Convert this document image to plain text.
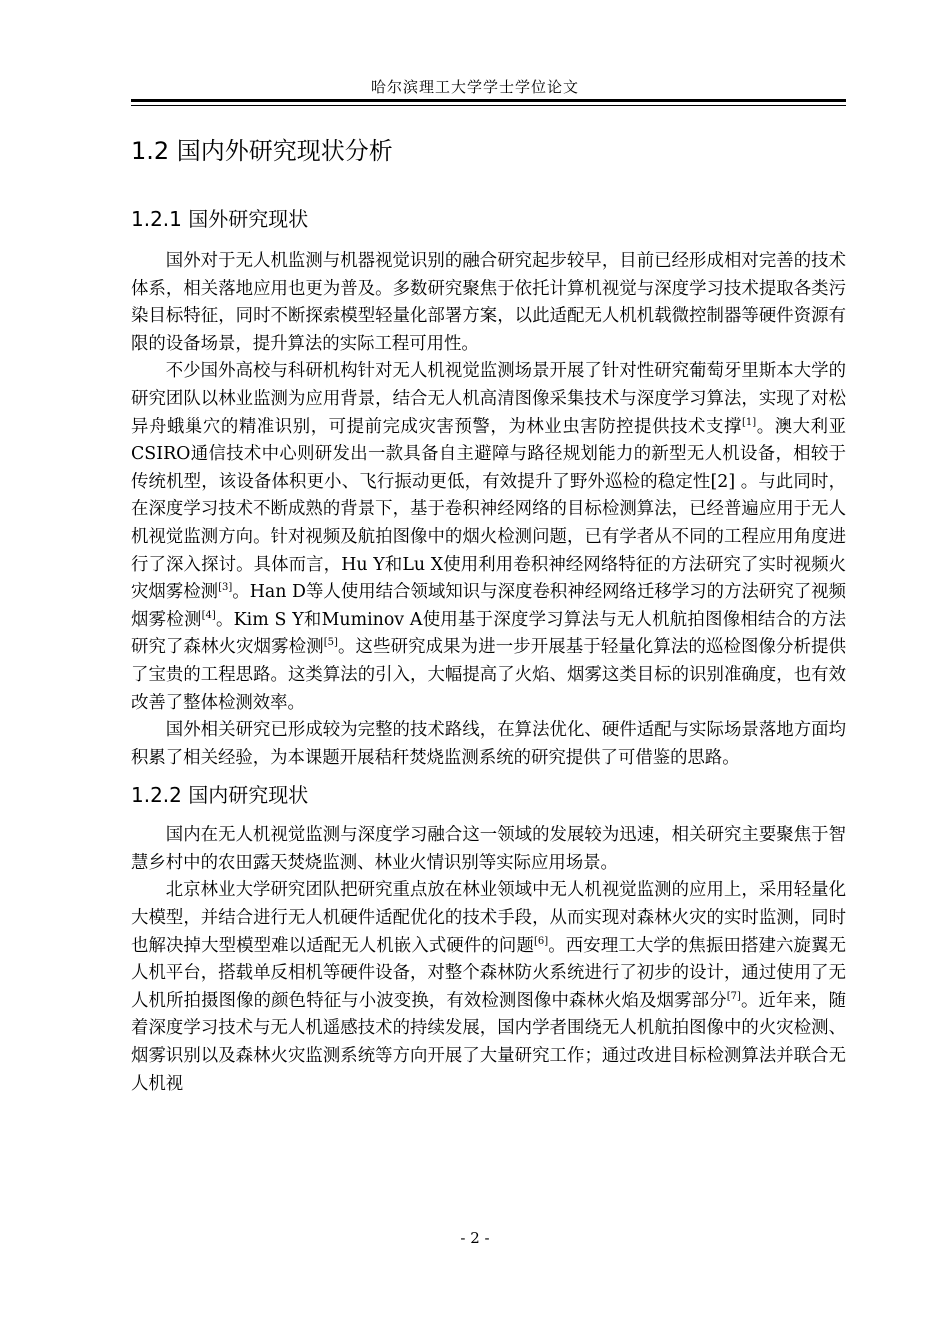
哈尔滨理工大学学士学位论文
1.2 国内外研究现状分析
1.2.1 国外研究现状

国外对于无人机监测与机器视觉识别的融合研究起步较早，目前已经形成相对完善的技术体系，相关落地应用也更为普及。多数研究聚焦于依托计算机视觉与深度学习技术提取各类污染目标特征，同时不断探索模型轻量化部署方案，以此适配无人机机载微控制器等硬件资源有限的设备场景，提升算法的实际工程可用性。

不少国外高校与科研机构针对无人机视觉监测场景开展了针对性研究葡萄牙里斯本大学的研究团队以林业监测为应用背景，结合无人机高清图像采集技术与深度学习算法，实现了对松异舟蛾巢穴的精准识别，可提前完成灾害预警，为林业虫害防控提供技术支撑[1]。澳大利亚CSIRO通信技术中心则研发出一款具备自主避障与路径规划能力的新型无人机设备，相较于传统机型，该设备体积更小、飞行振动更低，有效提升了野外巡检的稳定性[2] 。与此同时，在深度学习技术不断成熟的背景下，基于卷积神经网络的目标检测算法，已经普遍应用于无人机视觉监测方向。针对视频及航拍图像中的烟火检测问题，已有学者从不同的工程应用角度进行了深入探讨。具体而言，Hu Y和Lu X使用利用卷积神经网络特征的方法研究了实时视频火灾烟雾检测[3]。Han D等人使用结合领域知识与深度卷积神经网络迁移学习的方法研究了视频烟雾检测[4]。Kim S Y和Muminov A使用基于深度学习算法与无人机航拍图像相结合的方法研究了森林火灾烟雾检测[5]。这些研究成果为进一步开展基于轻量化算法的巡检图像分析提供了宝贵的工程思路。这类算法的引入，大幅提高了火焰、烟雾这类目标的识别准确度，也有效改善了整体检测效率。

国外相关研究已形成较为完整的技术路线，在算法优化、硬件适配与实际场景落地方面均积累了相关经验，为本课题开展秸秆焚烧监测系统的研究提供了可借鉴的思路。

1.2.2 国内研究现状

国内在无人机视觉监测与深度学习融合这一领域的发展较为迅速，相关研究主要聚焦于智慧乡村中的农田露天焚烧监测、林业火情识别等实际应用场景。

北京林业大学研究团队把研究重点放在林业领域中无人机视觉监测的应用上，采用轻量化大模型，并结合进行无人机硬件适配优化的技术手段，从而实现对森林火灾的实时监测，同时也解决掉大型模型难以适配无人机嵌入式硬件的问题[6]。西安理工大学的焦振田搭建六旋翼无人机平台，搭载单反相机等硬件设备，对整个森林防火系统进行了初步的设计，通过使用了无人机所拍摄图像的颜色特征与小波变换，有效检测图像中森林火焰及烟雾部分[7]。近年来，随着深度学习技术与无人机遥感技术的持续发展，国内学者围绕无人机航拍图像中的火灾检测、烟雾识别以及森林火灾监测系统等方向开展了大量研究工作；通过改进目标检测算法并联合无人机视

- 2 -
